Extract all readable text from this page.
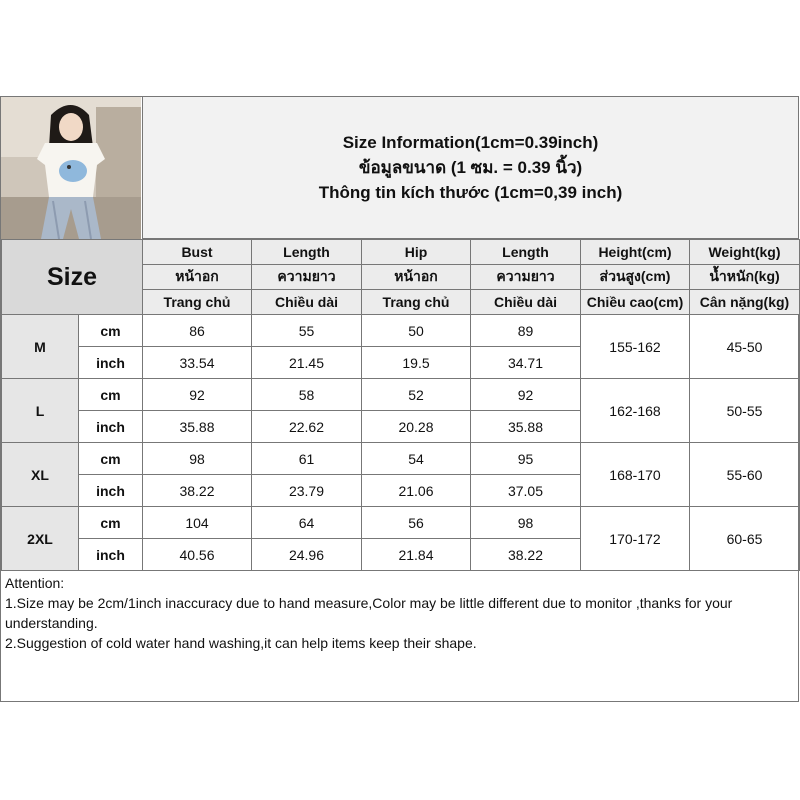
Size Information(1cm=0.39inch)
ข้อมูลขนาด (1 ซม. = 0.39 นิ้ว)
Thông tin kích thước (1cm=0,39 inch)
Size		Bust	Length	Hip	Length	Height(cm)	Weight(kg)
		หน้าอก	ความยาว	หน้าอก	ความยาว	ส่วนสูง(cm)	น้ำหนัก(kg)
		Trang chủ	Chiều dài	Trang chủ	Chiều dài	Chiều cao(cm)	Cân nặng(kg)
M	cm	86	55	50	89	155-162	45-50
	inch	33.54	21.45	19.5	34.71		
L	cm	92	58	52	92	162-168	50-55
	inch	35.88	22.62	20.28	35.88		
XL	cm	98	61	54	95	168-170	55-60
	inch	38.22	23.79	21.06	37.05		
2XL	cm	104	64	56	98	170-172	60-65
	inch	40.56	24.96	21.84	38.22		

Attention:

1.Size may be 2cm/1inch inaccuracy due to hand measure,Color may be little different due to monitor ,thanks for your understanding.

2.Suggestion of cold water hand washing,it can help items keep their shape.
